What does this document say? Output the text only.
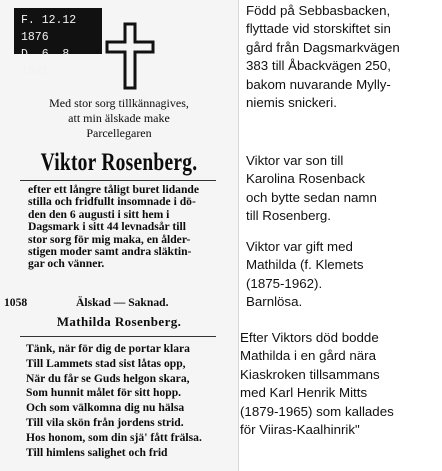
F. 12.12 1876
D. 6. 8 1921
Med stor sorg tillkännagives,
att min älskade make
Parcellegaren
Viktor Rosenberg.
efter ett långre tåligt buret lidande
stilla och fridfullt insomnade i dö-
den den 6 augusti i sitt hem i
Dagsmark i sitt 44 levnadsår till
stor sorg för mig maka, en ålder-
stigen moder samt andra släktin-
gar och vänner.
1058	Älskad — Saknad.
Mathilda Rosenberg.
Tänk, när för dig de portar klara
Till Lammets stad sist låtas opp,
När du får se Guds helgon skara,
Som hunnit målet för sitt hopp.
Och som välkomna dig nu hälsa
Till vila skön från jordens strid.
Hos honom, som din sjä' fått frälsa.
Till himlens salighet och frid
Född på Sebbasbacken,
flyttade vid storskiftet sin
gård från Dagsmarkvägen
383 till Åbackvägen 250,
bakom nuvarande Mylly-
niemis snickeri.
Viktor var son till
Karolina Rosenback
och bytte sedan namn
till Rosenberg.
Viktor var gift med
Mathilda (f. Klemets
(1875-1962).
Barnlösa.
Efter Viktors död bodde
Mathilda i en gård nära
Kiaskroken tillsammans
med Karl Henrik Mitts
(1879-1965) som kallades
för Viiras-Kaalhinrik"
